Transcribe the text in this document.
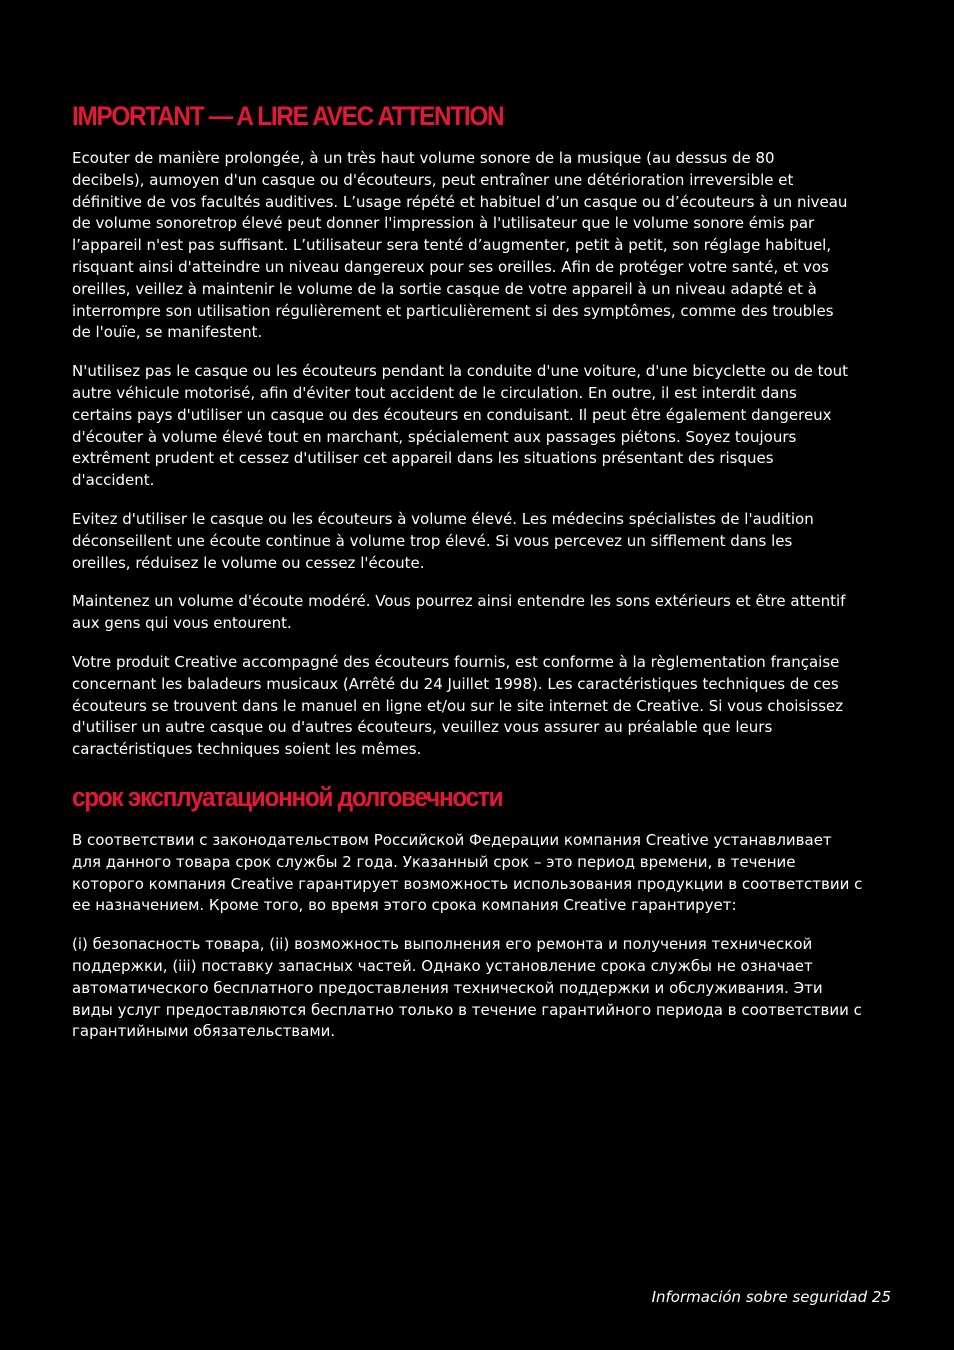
IMPORTANT — A LIRE AVEC ATTENTION

Ecouter de manière prolongée, à un très haut volume sonore de la musique (au dessus de 80
decibels), aumoyen d'un casque ou d'écouteurs, peut entraîner une détérioration irreversible et
définitive de vos facultés auditives. L’usage répété et habituel d’un casque ou d’écouteurs à un niveau
de volume sonoretrop élevé peut donner l'impression à l'utilisateur que le volume sonore émis par
l’appareil n'est pas suffisant. L’utilisateur sera tenté d’augmenter, petit à petit, son réglage habituel,
risquant ainsi d'atteindre un niveau dangereux pour ses oreilles. Afin de protéger votre santé, et vos
oreilles, veillez à maintenir le volume de la sortie casque de votre appareil à un niveau adapté et à
interrompre son utilisation régulièrement et particulièrement si des symptômes, comme des troubles
de l'ouïe, se manifestent.

N'utilisez pas le casque ou les écouteurs pendant la conduite d'une voiture, d'une bicyclette ou de tout
autre véhicule motorisé, afin d'éviter tout accident de le circulation. En outre, il est interdit dans
certains pays d'utiliser un casque ou des écouteurs en conduisant. Il peut être également dangereux
d'écouter à volume élevé tout en marchant, spécialement aux passages piétons. Soyez toujours
extrêment prudent et cessez d'utiliser cet appareil dans les situations présentant des risques
d'accident.

Evitez d'utiliser le casque ou les écouteurs à volume élevé. Les médecins spécialistes de l'audition
déconseillent une écoute continue à volume trop élevé. Si vous percevez un sifflement dans les
oreilles, réduisez le volume ou cessez l'écoute.

Maintenez un volume d'écoute modéré. Vous pourrez ainsi entendre les sons extérieurs et être attentif
aux gens qui vous entourent.

Votre produit Creative accompagné des écouteurs fournis, est conforme à la règlementation française
concernant les baladeurs musicaux (Arrêté du 24 Juillet 1998). Les caractéristiques techniques de ces
écouteurs se trouvent dans le manuel en ligne et/ou sur le site internet de Creative. Si vous choisissez
d'utiliser un autre casque ou d'autres écouteurs, veuillez vous assurer au préalable que leurs
caractéristiques techniques soient les mêmes.

срок эксплуатационной долговечности

В соответствии с законодательством Российской Федерации компания Creative устанавливает
для данного товара срок службы 2 года. Указанный срок – это период времени, в течение
которого компания Creative гарантирует возможность использования продукции в соответствии с
ее назначением. Кроме того, во время этого срока компания Creative гарантирует:

(i) безопасность товара, (ii) возможность выполнения его ремонта и получения технической
поддержки, (iii) поставку запасных частей. Однако установление срока службы не означает
автоматического бесплатного предоставления технической поддержки и обслуживания. Эти
виды услуг предоставляются бесплатно только в течение гарантийного периода в соответствии с
гарантийными обязательствами.

Información sobre seguridad 25
